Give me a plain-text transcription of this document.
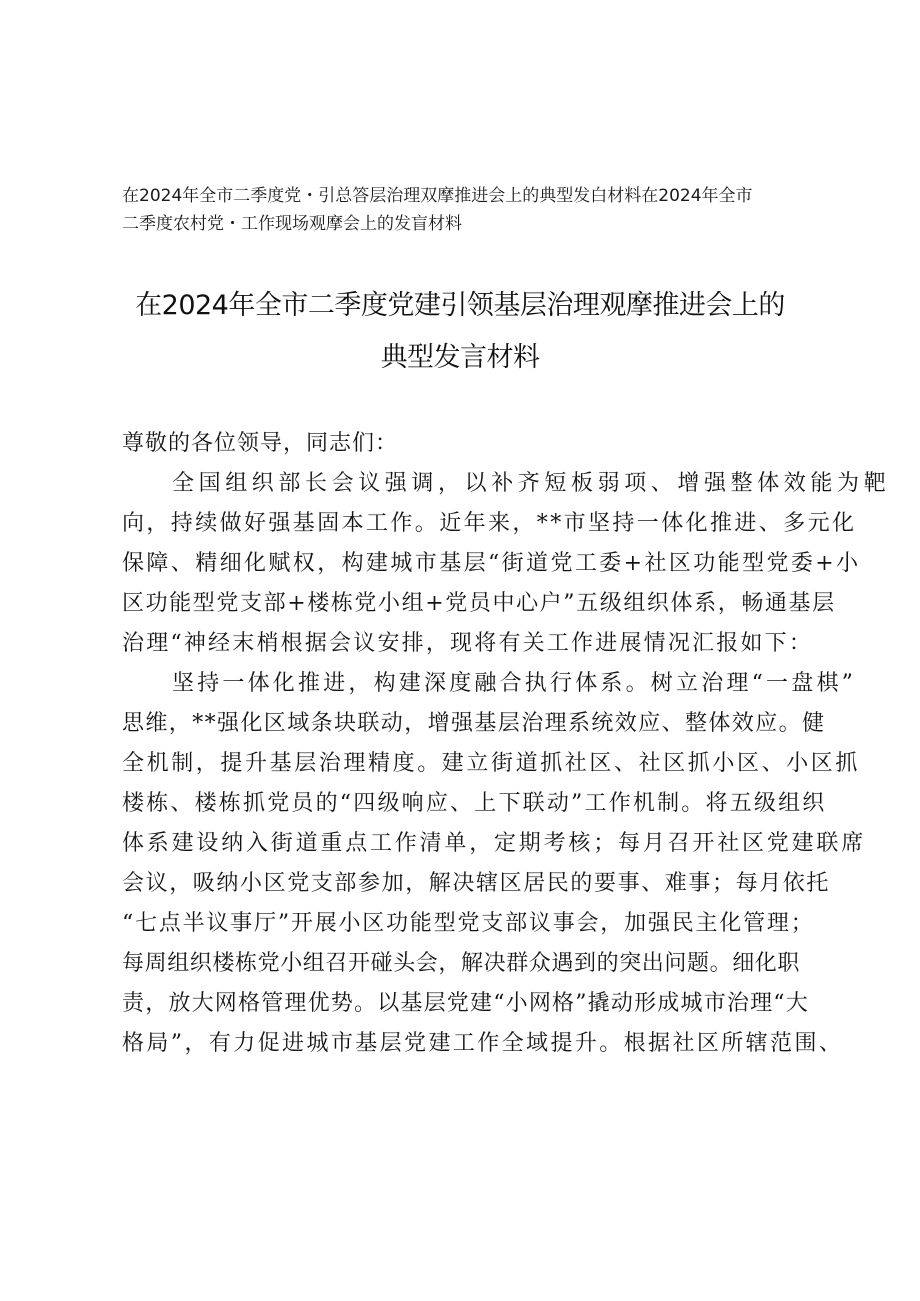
在2024年全市二季度党・引总答层治理双摩推进会上的典型发白材料在2024年全市
二季度农村党・工作现场观摩会上的发盲材料
在2024年全市二季度党建引领基层治理观摩推进会上的
典型发言材料
尊敬的各位领导，同志们：
全国组织部长会议强调，以补齐短板弱项、增强整体效能为靶
向，持续做好强基固本工作。近年来，**市坚持一体化推进、多元化
保障、精细化赋权，构建城市基层“街道党工委+社区功能型党委+小
区功能型党支部+楼栋党小组+党员中心户”五级组织体系，畅通基层
治理“神经末梢根据会议安排，现将有关工作进展情况汇报如下：
坚持一体化推进，构建深度融合执行体系。树立治理“一盘棋”
思维，**强化区域条块联动，增强基层治理系统效应、整体效应。健
全机制，提升基层治理精度。建立街道抓社区、社区抓小区、小区抓
楼栋、楼栋抓党员的“四级响应、上下联动”工作机制。将五级组织
体系建设纳入街道重点工作清单，定期考核；每月召开社区党建联席
会议，吸纳小区党支部参加，解决辖区居民的要事、难事；每月依托
“七点半议事厅”开展小区功能型党支部议事会，加强民主化管理；
每周组织楼栋党小组召开碰头会，解决群众遇到的突出问题。细化职
责，放大网格管理优势。以基层党建“小网格”撬动形成城市治理“大
格局”，有力促进城市基层党建工作全域提升。根据社区所辖范围、
